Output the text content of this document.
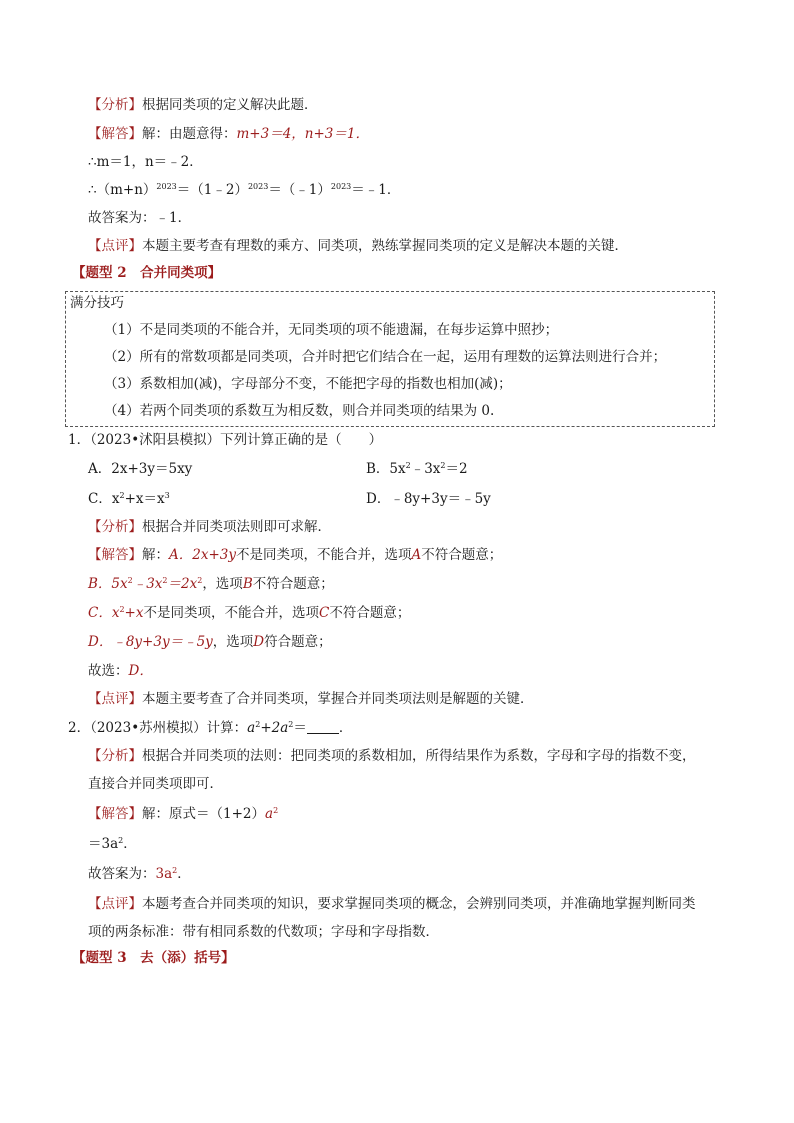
【分析】根据同类项的定义解决此题．
【解答】解：由题意得：m+3＝4，n+3＝1．
∴m＝1，n＝﹣2．
$\therefore(m+n)^{2023}=(1﹣2)^{2023}=(﹣1)^{2023}=﹣1$．
故答案为：﹣1．
【点评】本题主要考查有理数的乘方、同类项，熟练掌握同类项的定义是解决本题的关键．
【题型 2　合并同类项】
满分技巧
（1）不是同类项的不能合并，无同类项的项不能遗漏，在每步运算中照抄；
（2）所有的常数项都是同类项，合并时把它们结合在一起，运用有理数的运算法则进行合并；
（3）系数相加(减)，字母部分不变，不能把字母的指数也相加(减)；
（4）若两个同类项的系数互为相反数，则合并同类项的结果为 0.
1．（2023•沭阳县模拟）下列计算正确的是（　　）
A．2x+3y＝5xy	B．$5x^2﹣3x^2=2$
C．$x^2+x=x^3$	D．﹣8y+3y＝﹣5y
【分析】根据合并同类项法则即可求解．
【解答】解：A．2x+3y不是同类项，不能合并，选项A不符合题意；
B．$5x^2﹣3x^2=2x^2$，选项B不符合题意；
C．$x^2+x$不是同类项，不能合并，选项C不符合题意；
D．﹣8y+3y＝﹣5y，选项D符合题意；
故选：D．
【点评】本题主要考查了合并同类项，掌握合并同类项法则是解题的关键．
2．（2023•苏州模拟）计算：$a^2+2a^2=$ ．
【分析】根据合并同类项的法则：把同类项的系数相加，所得结果作为系数，字母和字母的指数不变，
直接合并同类项即可．
【解答】解：原式$=(1+2)a^2$
$=3a^2$．
故答案为：$3a^2$．
【点评】本题考查合并同类项的知识，要求掌握同类项的概念，会辨别同类项，并准确地掌握判断同类
项的两条标准：带有相同系数的代数项；字母和字母指数．
【题型 3　去（添）括号】
